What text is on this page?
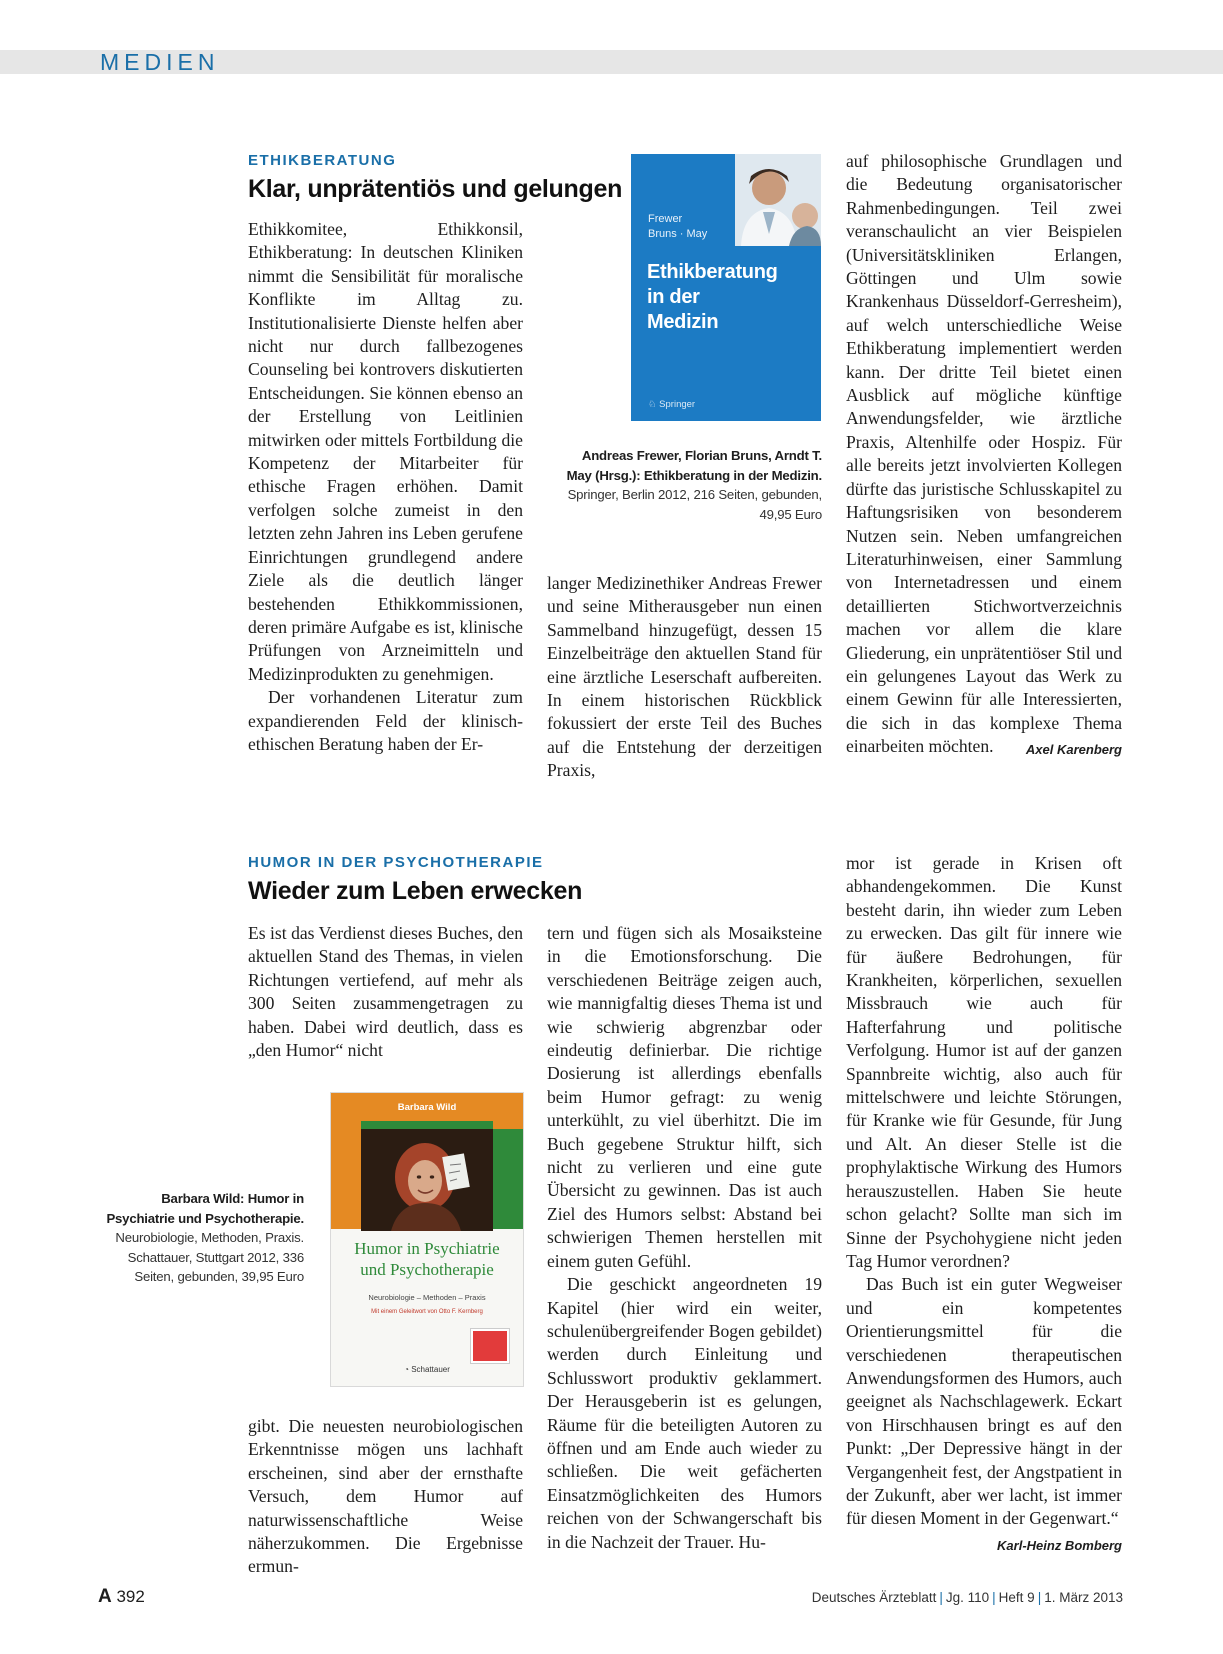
MEDIEN
ETHIKBERATUNG
Klar, unprätentiös und gelungen

Ethikkomitee, Ethikkonsil, Ethikberatung: In deutschen Kliniken nimmt die Sensibilität für moralische Konflikte im Alltag zu. Institutionalisierte Dienste helfen aber nicht nur durch fallbezogenes Counseling bei kontrovers diskutierten Entscheidungen. Sie können ebenso an der Erstellung von Leitlinien mitwirken oder mittels Fortbildung die Kompetenz der Mitarbeiter für ethische Fragen erhöhen. Damit verfolgen solche zumeist in den letzten zehn Jahren ins Leben gerufene Einrichtungen grundlegend andere Ziele als die deutlich länger bestehenden Ethikkommissionen, deren primäre Aufgabe es ist, klinische Prüfungen von Arzneimitteln und Medizinprodukten zu genehmigen.

Der vorhandenen Literatur zum expandierenden Feld der klinisch-ethischen Beratung haben der Er-

Frewer
Bruns · May
Ethikberatung
in der
Medizin
♘ Springer
Andreas Frewer, Florian Bruns, Arndt T. May (Hrsg.): Ethikberatung in der Medizin. Springer, Berlin 2012, 216 Seiten, gebunden, 49,95 Euro

langer Medizinethiker Andreas Frewer und seine Mitherausgeber nun einen Sammelband hinzugefügt, dessen 15 Einzelbeiträge den aktuellen Stand für eine ärztliche Leserschaft aufbereiten. In einem historischen Rückblick fokussiert der erste Teil des Buches auf die Entstehung der derzeitigen Praxis,

auf philosophische Grundlagen und die Bedeutung organisatorischer Rahmenbedingungen. Teil zwei veranschaulicht an vier Beispielen (Universitätskliniken Erlangen, Göttingen und Ulm sowie Krankenhaus Düsseldorf-Gerresheim), auf welch unterschiedliche Weise Ethikberatung implementiert werden kann. Der dritte Teil bietet einen Ausblick auf mögliche künftige Anwendungsfelder, wie ärztliche Praxis, Altenhilfe oder Hospiz. Für alle bereits jetzt involvierten Kollegen dürfte das juristische Schlusskapitel zu Haftungsrisiken von besonderem Nutzen sein. Neben umfangreichen Literaturhinweisen, einer Sammlung von Internetadressen und einem detaillierten Stichwortverzeichnis machen vor allem die klare Gliederung, ein unprätentiöser Stil und ein gelungenes Layout das Werk zu einem Gewinn für alle Interessierten, die sich in das komplexe Thema einarbeiten möchten. Axel Karenberg

HUMOR IN DER PSYCHOTHERAPIE
Wieder zum Leben erwecken

Es ist das Verdienst dieses Buches, den aktuellen Stand des Themas, in vielen Richtungen vertiefend, auf mehr als 300 Seiten zusammengetragen zu haben. Dabei wird deutlich, dass es „den Humor“ nicht

Barbara Wild
Humor in Psychiatrie
und Psychotherapie
Neurobiologie – Methoden – Praxis
Mit einem Geleitwort von Otto F. Kernberg
◔ Schattauer
Barbara Wild: Humor in Psychiatrie und Psychotherapie. Neurobiologie, Methoden, Praxis. Schattauer, Stuttgart 2012, 336 Seiten, gebunden, 39,95 Euro

gibt. Die neuesten neurobiologischen Erkenntnisse mögen uns lachhaft erscheinen, sind aber der ernsthafte Versuch, dem Humor auf naturwissenschaftliche Weise näherzukommen. Die Ergebnisse ermun-

tern und fügen sich als Mosaiksteine in die Emotionsforschung. Die verschiedenen Beiträge zeigen auch, wie mannigfaltig dieses Thema ist und wie schwierig abgrenzbar oder eindeutig definierbar. Die richtige Dosierung ist allerdings ebenfalls beim Humor gefragt: zu wenig unterkühlt, zu viel überhitzt. Die im Buch gegebene Struktur hilft, sich nicht zu verlieren und eine gute Übersicht zu gewinnen. Das ist auch Ziel des Humors selbst: Abstand bei schwierigen Themen herstellen mit einem guten Gefühl.

Die geschickt angeordneten 19 Kapitel (hier wird ein weiter, schulenübergreifender Bogen gebildet) werden durch Einleitung und Schlusswort produktiv geklammert. Der Herausgeberin ist es gelungen, Räume für die beteiligten Autoren zu öffnen und am Ende auch wieder zu schließen. Die weit gefächerten Einsatzmöglichkeiten des Humors reichen von der Schwangerschaft bis in die Nachzeit der Trauer. Hu-

mor ist gerade in Krisen oft abhandengekommen. Die Kunst besteht darin, ihn wieder zum Leben zu erwecken. Das gilt für innere wie für äußere Bedrohungen, für Krankheiten, körperlichen, sexuellen Missbrauch wie auch für Hafterfahrung und politische Verfolgung. Humor ist auf der ganzen Spannbreite wichtig, also auch für mittelschwere und leichte Störungen, für Kranke wie für Gesunde, für Jung und Alt. An dieser Stelle ist die prophylaktische Wirkung des Humors herauszustellen. Haben Sie heute schon gelacht? Sollte man sich im Sinne der Psychohygiene nicht jeden Tag Humor verordnen?

Das Buch ist ein guter Wegweiser und ein kompetentes Orientierungsmittel für die verschiedenen therapeutischen Anwendungsformen des Humors, auch geeignet als Nachschlagewerk. Eckart von Hirschhausen bringt es auf den Punkt: „Der Depressive hängt in der Vergangenheit fest, der Angstpatient in der Zukunft, aber wer lacht, ist immer für diesen Moment in der Gegenwart.“
Karl-Heinz Bomberg

A 392	Deutsches Ärzteblatt | Jg. 110 | Heft 9 | 1. März 2013
